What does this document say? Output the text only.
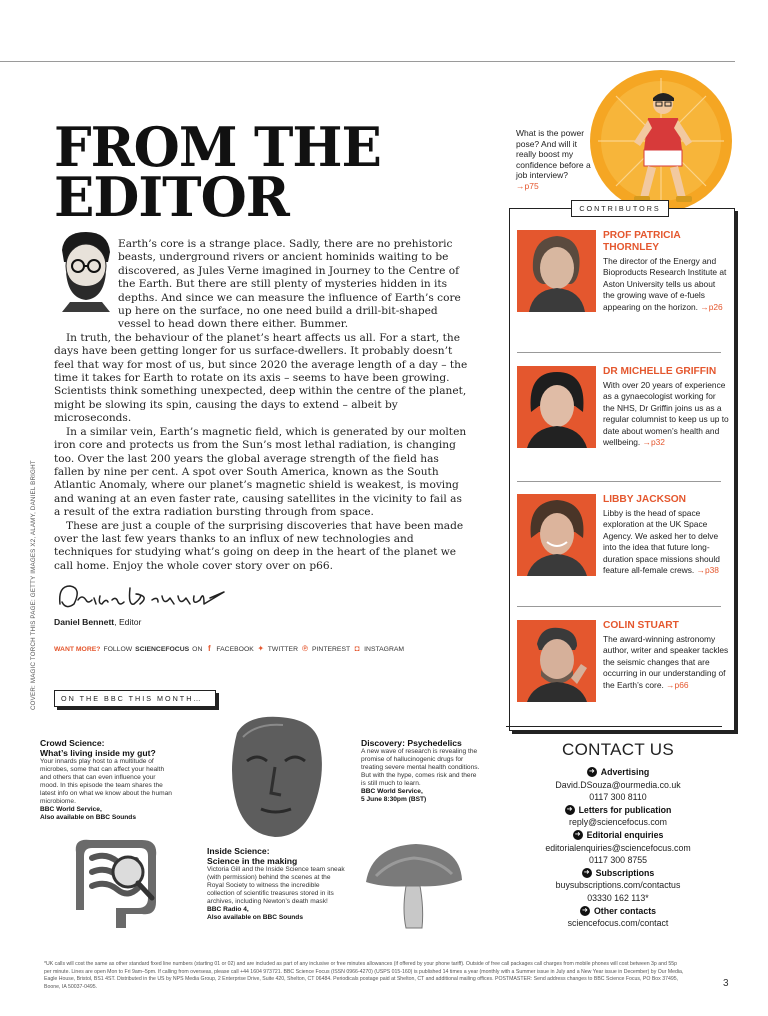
FROM THE
EDITOR
What is the power pose? And will it really boost my confidence before a job interview?
→p75

Earth’s core is a strange place. Sadly, there are no prehistoric beasts, underground rivers or ancient hominids waiting to be discovered, as Jules Verne imagined in Journey to the Centre of the Earth. But there are still plenty of mysteries hidden in its depths. And since we can measure the influence of Earth’s core up here on the surface, no one need build a drill-bit-shaped vessel to head down there either. Bummer.

In truth, the behaviour of the planet’s heart affects us all. For a start, the days have been getting longer for us surface-dwellers. It probably doesn’t feel that way for most of us, but since 2020 the average length of a day – the time it takes for Earth to rotate on its axis – seems to have been growing. Scientists think something unexpected, deep within the centre of the planet, might be slowing its spin, causing the days to extend – albeit by microseconds.

In a similar vein, Earth’s magnetic field, which is generated by our molten iron core and protects us from the Sun’s most lethal radiation, is changing too. Over the last 200 years the global average strength of the field has fallen by nine per cent. A spot over South America, known as the South Atlantic Anomaly, where our planet’s magnetic shield is weakest, is moving and waning at an even faster rate, causing satellites in the vicinity to fail as a result of the extra radiation bursting through from space.

These are just a couple of the surprising discoveries that have been made over the last few years thanks to an influx of new technologies and techniques for studying what’s going on deep in the heart of the planet we call home. Enjoy the whole cover story over on p66.

Daniel Bennett, Editor
WANT MORE? FOLLOW SCIENCEFOCUS ON f FACEBOOK ✦ TWITTER ℗ PINTEREST ◘ INSTAGRAM
COVER: MAGIC TORCH THIS PAGE: GETTY IMAGES X2, ALAMY, DANIEL BRIGHT	ON THE BBC THIS MONTH…
Crowd Science:
What’s living inside my gut?
Your innards play host to a multitude of microbes, some that can affect your health and others that can even influence your mood. In this episode the team shares the latest info on what we know about the human microbiome.
BBC World Service,
Also available on BBC Sounds
Inside Science:
Science in the making
Victoria Gill and the Inside Science team sneak (with permission) behind the scenes at the Royal Society to witness the incredible collection of scientific treasures stored in its archives, including Newton’s death mask!
BBC Radio 4,
Also available on BBC Sounds
Discovery: Psychedelics
A new wave of research is revealing the promise of hallucinogenic drugs for treating severe mental health conditions. But with the hype, comes risk and there is still much to learn.
BBC World Service,
5 June 8:30pm (BST)
CONTRIBUTORS
PROF PATRICIA THORNLEY
The director of the Energy and Bioproducts Research Institute at Aston University tells us about the growing wave of e-fuels appearing on the horizon. →p26
DR MICHELLE GRIFFIN
With over 20 years of experience as a gynaecologist working for the NHS, Dr Griffin joins us as a regular columnist to keep us up to date about women’s health and wellbeing. →p32
LIBBY JACKSON
Libby is the head of space exploration at the UK Space Agency. We asked her to delve into the idea that future long-duration space missions should feature all-female crews. →p38
COLIN STUART
The award-winning astronomy author, writer and speaker tackles the seismic changes that are occurring in our understanding of the Earth’s core. →p66
CONTACT US
➜ Advertising
David.DSouza@ourmedia.co.uk
0117 300 8110
➜ Letters for publication
reply@sciencefocus.com
➜ Editorial enquiries
editorialenquiries@sciencefocus.com
0117 300 8755
➜ Subscriptions
buysubscriptions.com/contactus
03330 162 113*
➜ Other contacts
sciencefocus.com/contact
*UK calls will cost the same as other standard fixed line numbers (starting 01 or 02) and are included as part of any inclusive or free minutes allowances (if offered by your phone tariff). Outside of free call packages call charges from mobile phones will cost between 3p and 55p per minute. Lines are open Mon to Fri 9am–5pm. If calling from overseas, please call +44 1604 973721. BBC Science Focus (ISSN 0966-4270) (USPS 015-160) is published 14 times a year (monthly with a Summer issue in July and a New Year issue in December) by Our Media, Eagle House, Bristol, BS1 4ST. Distributed in the US by NPS Media Group, 2 Enterprise Drive, Suite 420, Shelton, CT 06484. Periodicals postage paid at Shelton, CT and additional mailing offices. POSTMASTER: Send address changes to BBC Science Focus, PO Box 37495, Boone, IA 50037-0495.	3
